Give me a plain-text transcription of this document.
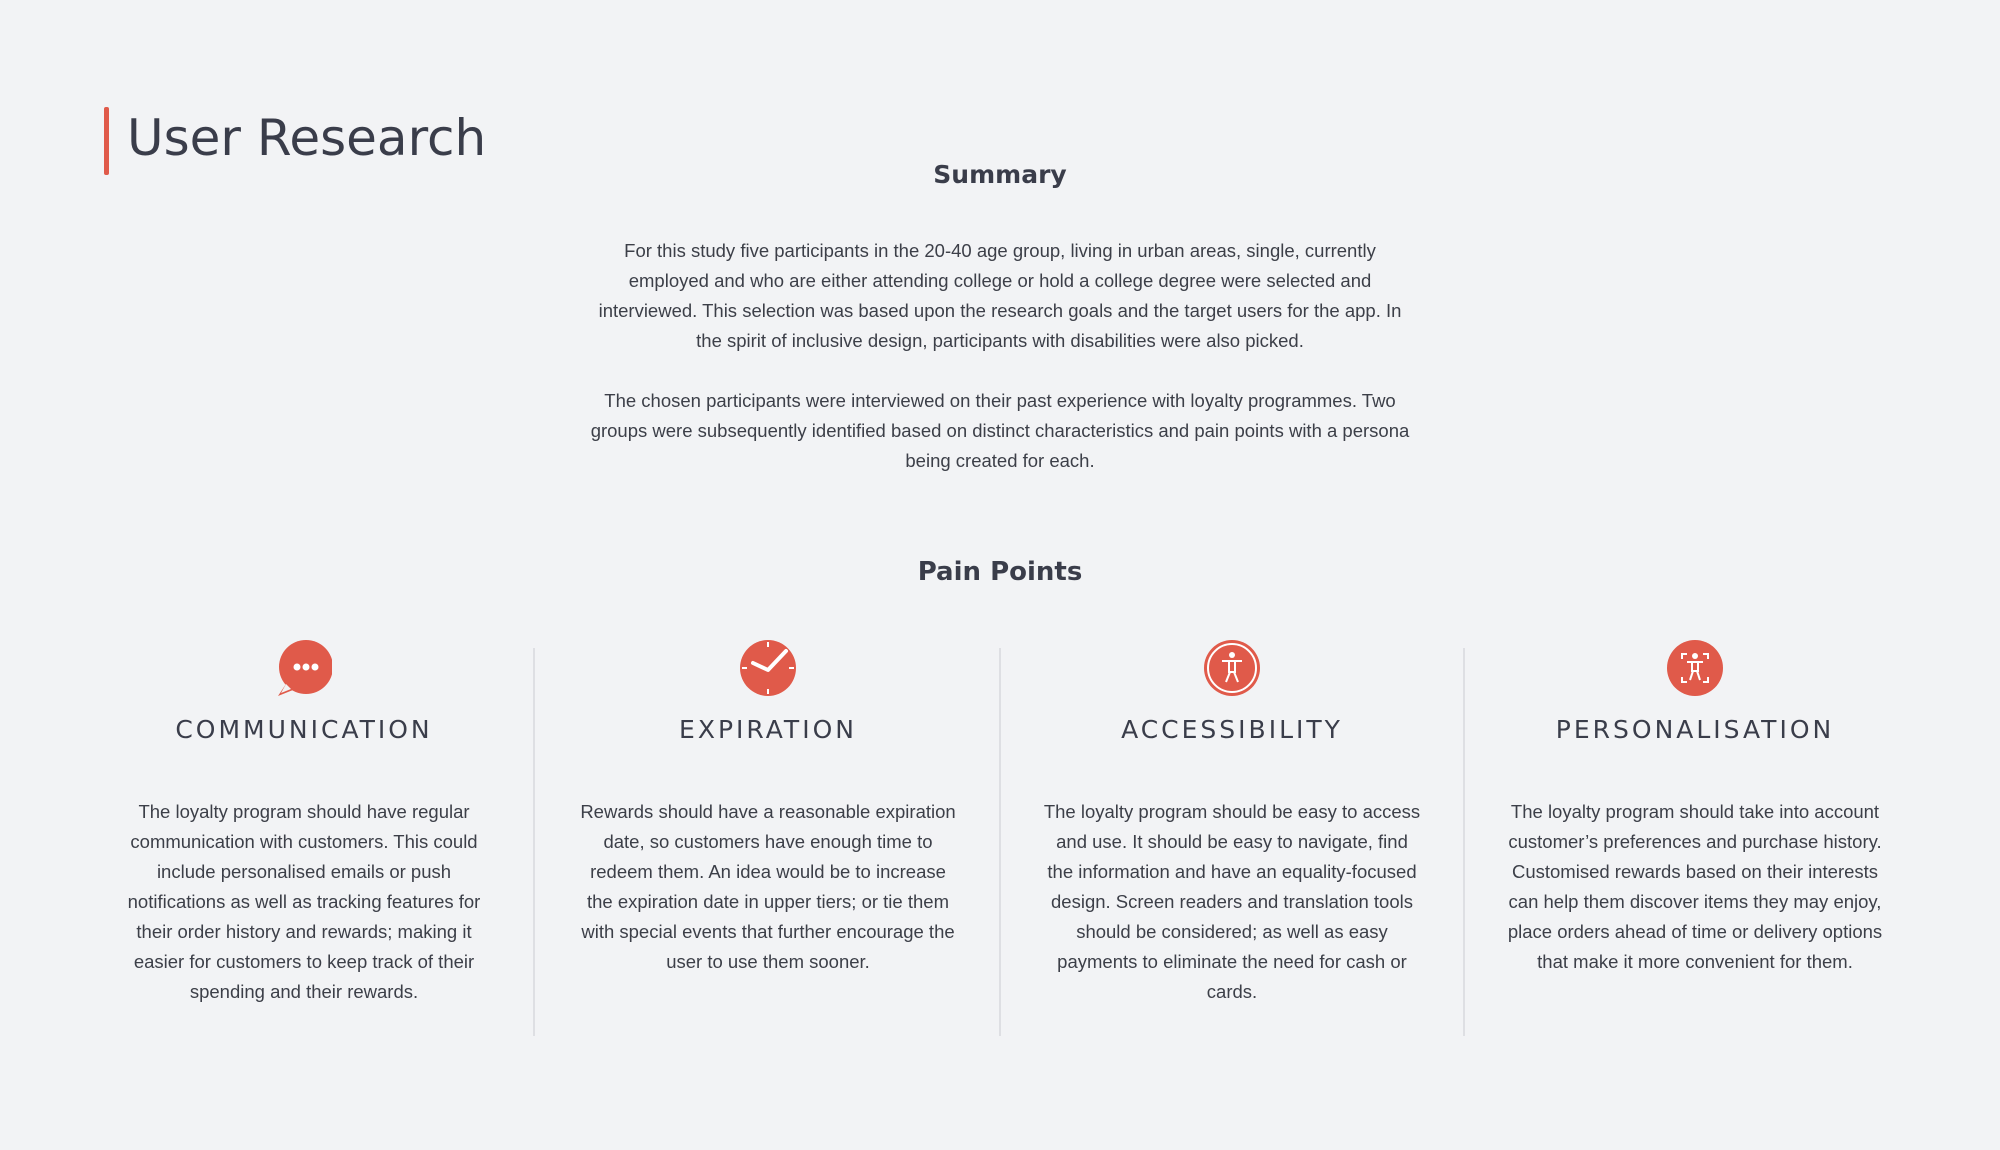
User Research
Summary

For this study five participants in the 20-40 age group, living in urban areas, single, currently employed and who are either attending college or hold a college degree were selected and interviewed. This selection was based upon the research goals and the target users for the app. In the spirit of inclusive design, participants with disabilities were also picked.

The chosen participants were interviewed on their past experience with loyalty programmes. Two groups were subsequently identified based on distinct characteristics and pain points with a persona being created for each.

Pain Points
COMMUNICATION

The loyalty program should have regular communication with customers. This could include personalised emails or push notifications as well as tracking features for their order history and rewards; making it easier for customers to keep track of their spending and their rewards.

EXPIRATION

Rewards should have a reasonable expiration date, so customers have enough time to redeem them. An idea would be to increase the expiration date in upper tiers; or tie them with special events that further encourage the user to use them sooner.

ACCESSIBILITY

The loyalty program should be easy to access and use. It should be easy to navigate, find the information and have an equality-focused design. Screen readers and translation tools should be considered; as well as easy payments to eliminate the need for cash or cards.

PERSONALISATION

The loyalty program should take into account customer’s preferences and purchase history. Customised rewards based on their interests can help them discover items they may enjoy, place orders ahead of time or delivery options that make it more convenient for them.
